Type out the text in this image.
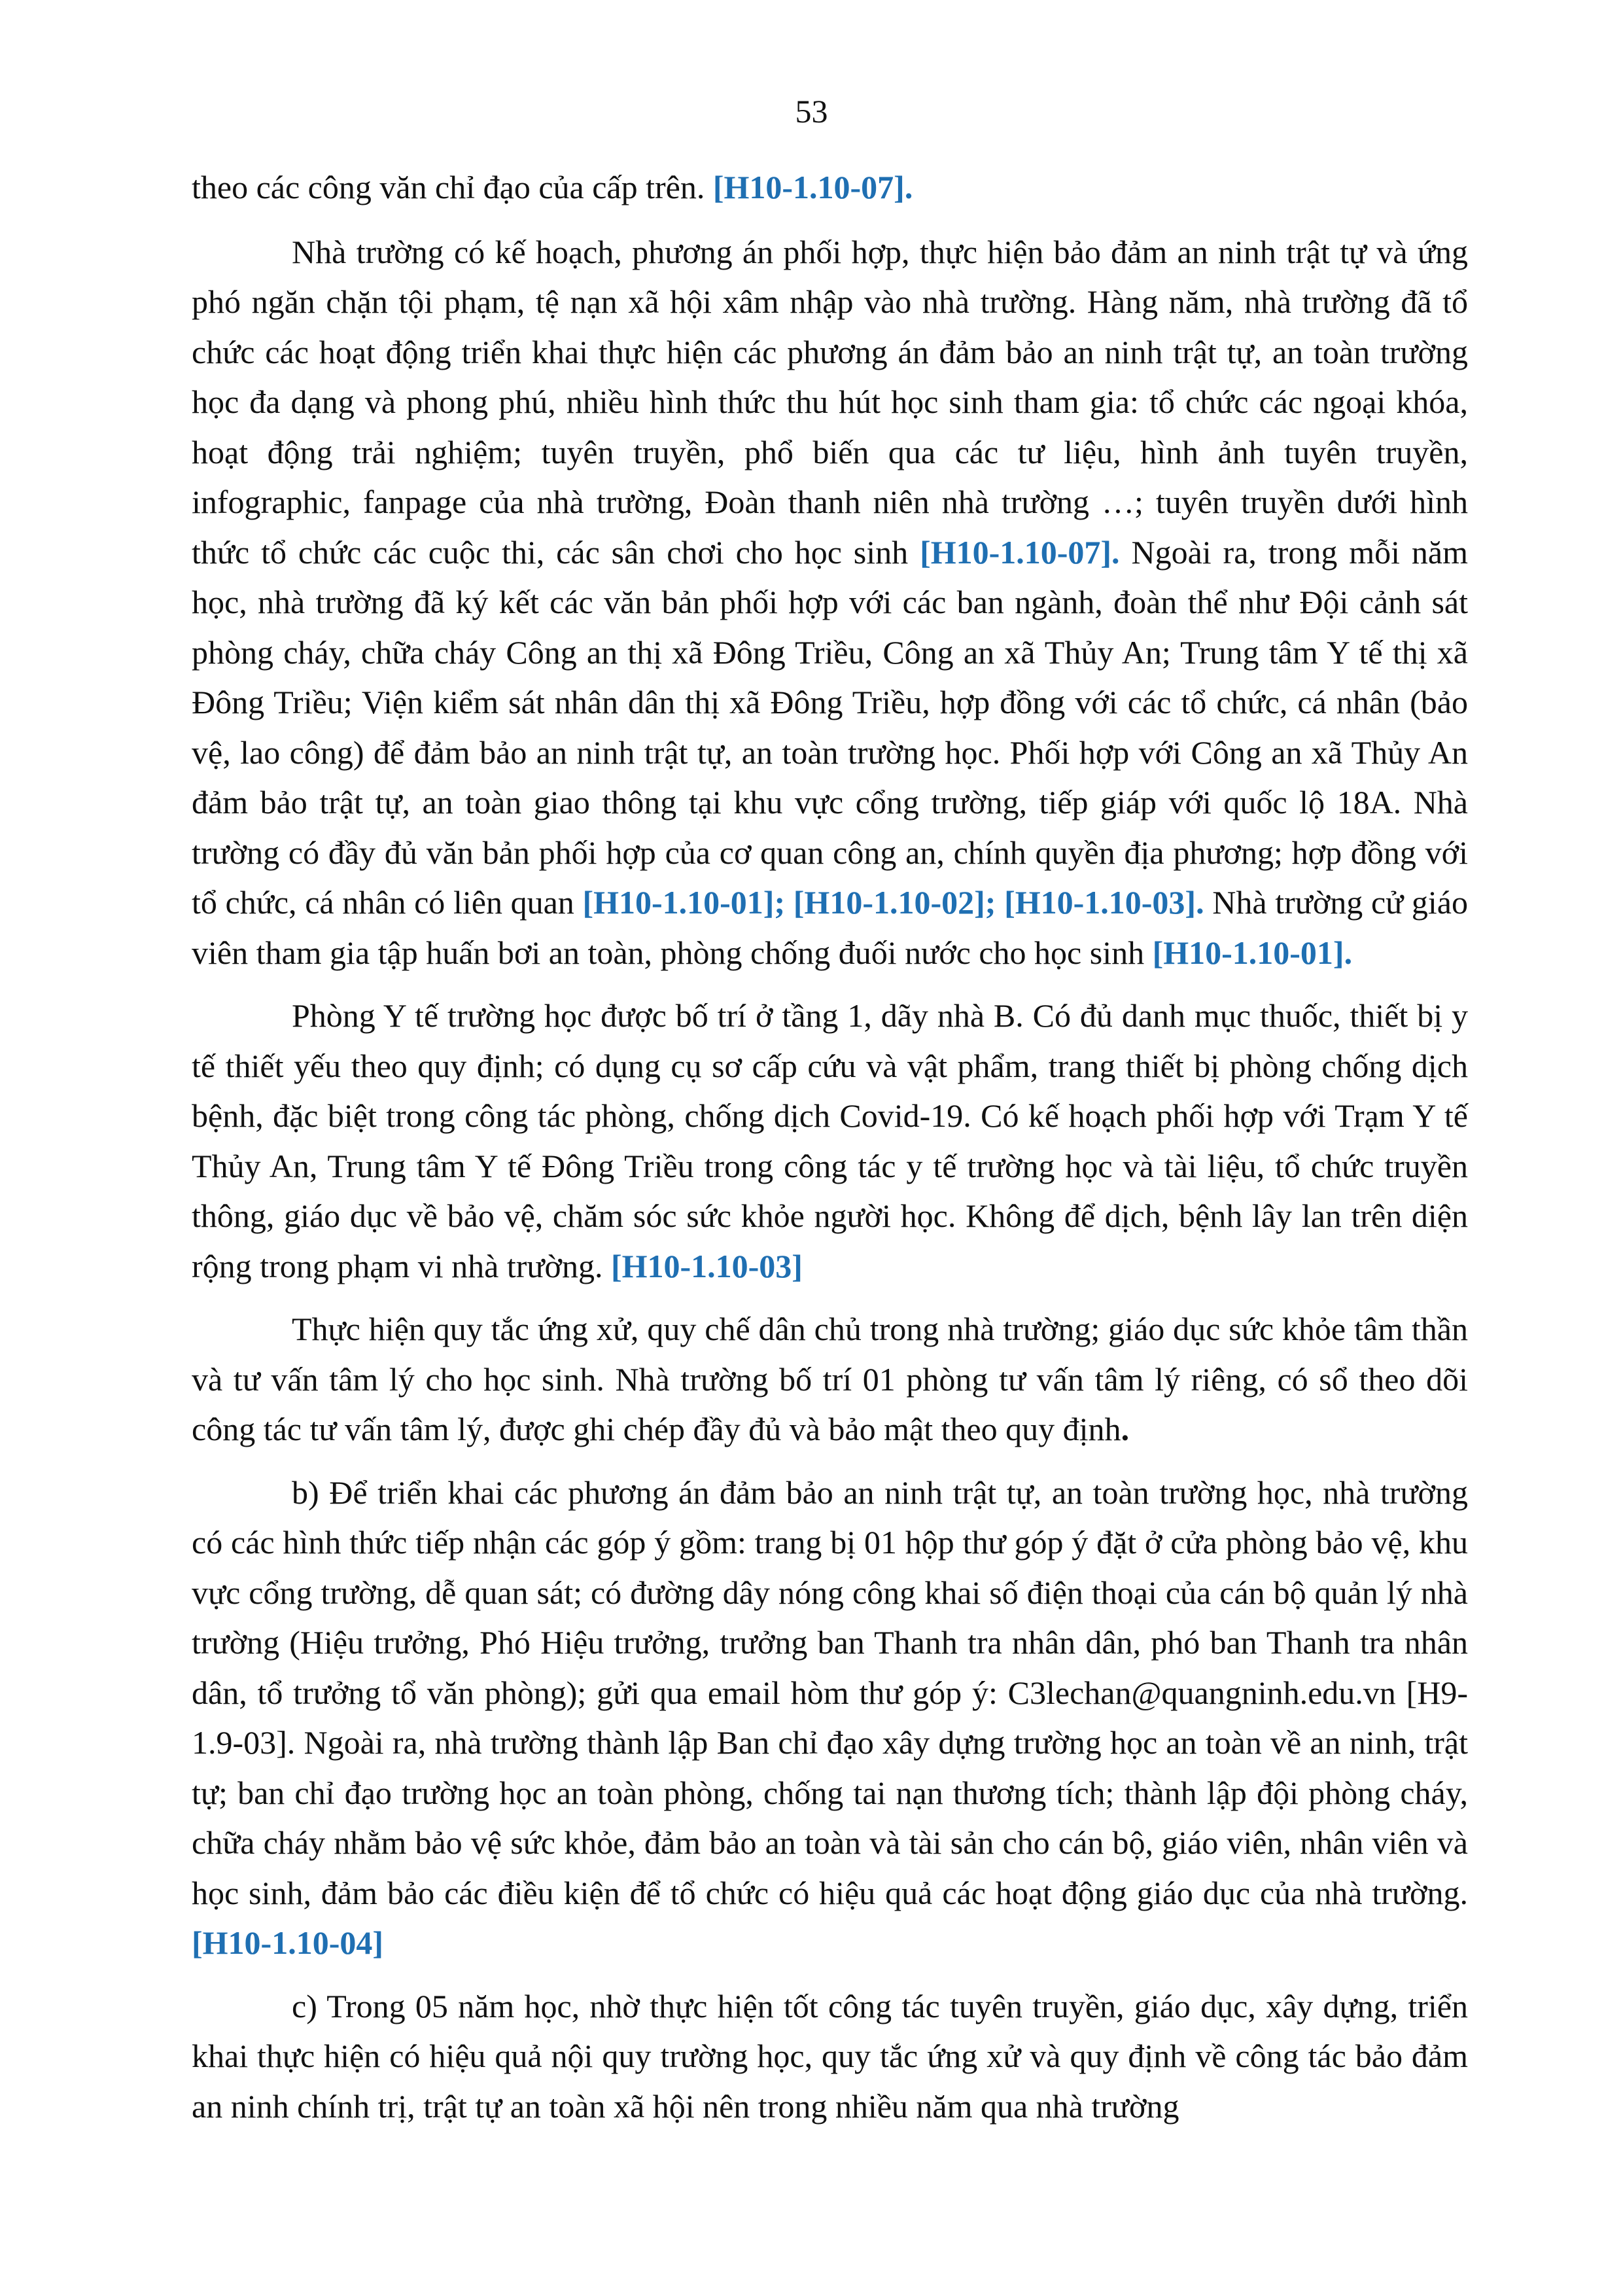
53

theo các công văn chỉ đạo của cấp trên. [H10-1.10-07].

Nhà trường có kế hoạch, phương án phối hợp, thực hiện bảo đảm an ninh trật tự và ứng phó ngăn chặn tội phạm, tệ nạn xã hội xâm nhập vào nhà trường. Hàng năm, nhà trường đã tổ chức các hoạt động triển khai thực hiện các phương án đảm bảo an ninh trật tự, an toàn trường học đa dạng và phong phú, nhiều hình thức thu hút học sinh tham gia: tổ chức các ngoại khóa, hoạt động trải nghiệm; tuyên truyền, phổ biến qua các tư liệu, hình ảnh tuyên truyền, infographic, fanpage của nhà trường, Đoàn thanh niên nhà trường …; tuyên truyền dưới hình thức tổ chức các cuộc thi, các sân chơi cho học sinh [H10-1.10-07]. Ngoài ra, trong mỗi năm học, nhà trường đã ký kết các văn bản phối hợp với các ban ngành, đoàn thể như Đội cảnh sát phòng cháy, chữa cháy Công an thị xã Đông Triều, Công an xã Thủy An; Trung tâm Y tế thị xã Đông Triều; Viện kiểm sát nhân dân thị xã Đông Triều, hợp đồng với các tổ chức, cá nhân (bảo vệ, lao công) để đảm bảo an ninh trật tự, an toàn trường học. Phối hợp với Công an xã Thủy An đảm bảo trật tự, an toàn giao thông tại khu vực cổng trường, tiếp giáp với quốc lộ 18A. Nhà trường có đầy đủ văn bản phối hợp của cơ quan công an, chính quyền địa phương; hợp đồng với tổ chức, cá nhân có liên quan [H10-1.10-01]; [H10-1.10-02]; [H10-1.10-03]. Nhà trường cử giáo viên tham gia tập huấn bơi an toàn, phòng chống đuối nước cho học sinh [H10-1.10-01].

Phòng Y tế trường học được bố trí ở tầng 1, dãy nhà B. Có đủ danh mục thuốc, thiết bị y tế thiết yếu theo quy định; có dụng cụ sơ cấp cứu và vật phẩm, trang thiết bị phòng chống dịch bệnh, đặc biệt trong công tác phòng, chống dịch Covid-19. Có kế hoạch phối hợp với Trạm Y tế Thủy An, Trung tâm Y tế Đông Triều trong công tác y tế trường học và tài liệu, tổ chức truyền thông, giáo dục về bảo vệ, chăm sóc sức khỏe người học. Không để dịch, bệnh lây lan trên diện rộng trong phạm vi nhà trường. [H10-1.10-03]

Thực hiện quy tắc ứng xử, quy chế dân chủ trong nhà trường; giáo dục sức khỏe tâm thần và tư vấn tâm lý cho học sinh. Nhà trường bố trí 01 phòng tư vấn tâm lý riêng, có sổ theo dõi công tác tư vấn tâm lý, được ghi chép đầy đủ và bảo mật theo quy định.

b) Để triển khai các phương án đảm bảo an ninh trật tự, an toàn trường học, nhà trường có các hình thức tiếp nhận các góp ý gồm: trang bị 01 hộp thư góp ý đặt ở cửa phòng bảo vệ, khu vực cổng trường, dễ quan sát; có đường dây nóng công khai số điện thoại của cán bộ quản lý nhà trường (Hiệu trưởng, Phó Hiệu trưởng, trưởng ban Thanh tra nhân dân, phó ban Thanh tra nhân dân, tổ trưởng tổ văn phòng); gửi qua email hòm thư góp ý: C3lechan@quangninh.edu.vn [H9-1.9-03]. Ngoài ra, nhà trường thành lập Ban chỉ đạo xây dựng trường học an toàn về an ninh, trật tự; ban chỉ đạo trường học an toàn phòng, chống tai nạn thương tích; thành lập đội phòng cháy, chữa cháy nhằm bảo vệ sức khỏe, đảm bảo an toàn và tài sản cho cán bộ, giáo viên, nhân viên và học sinh, đảm bảo các điều kiện để tổ chức có hiệu quả các hoạt động giáo dục của nhà trường. [H10-1.10-04]

c) Trong 05 năm học, nhờ thực hiện tốt công tác tuyên truyền, giáo dục, xây dựng, triển khai thực hiện có hiệu quả nội quy trường học, quy tắc ứng xử và quy định về công tác bảo đảm an ninh chính trị, trật tự an toàn xã hội nên trong nhiều năm qua nhà trường
